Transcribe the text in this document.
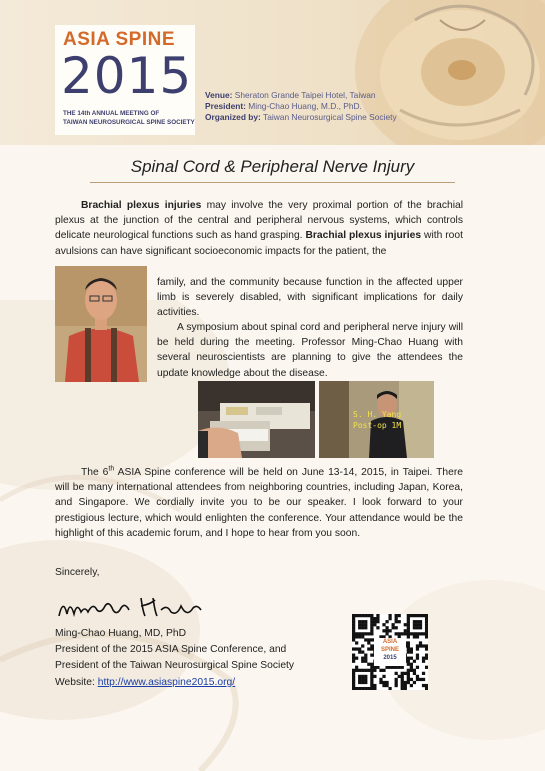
ASIA SPINE
2015
THE 14th ANNUAL MEETING OF
TAIWAN NEUROSURGICAL SPINE SOCIETY
Venue: Sheraton Grande Taipei Hotel, Taiwan
President: Ming-Chao Huang, M.D., PhD.
Organized by: Taiwan Neurosurgical Spine Society
Spinal Cord & Peripheral Nerve Injury
Brachial plexus injuries may involve the very proximal portion of the brachial plexus at the junction of the central and peripheral nervous systems, which controls delicate neurological functions such as hand grasping. Brachial plexus injuries with root avulsions can have significant socioeconomic impacts for the patient, the
family, and the community because function in the affected upper limb is severely disabled, with significant implications for daily activities.
A symposium about spinal cord and peripheral nerve injury will be held during the meeting. Professor Ming-Chao Huang with several neuroscientists are planning to give the attendees the update knowledge about the disease.
S. H. Yang
Post-op 1M
The 6th ASIA Spine conference will be held on June 13-14, 2015, in Taipei. There will be many international attendees from neighboring countries, including Japan, Korea, and Singapore. We cordially invite you to be our speaker. I look forward to your prestigious lecture, which would enlighten the conference. Your attendance would be the highlight of this academic forum, and I hope to hear from you soon.
Sincerely,
Ming-Chao Huang, MD, PhD
President of the 2015 ASIA Spine Conference, and
President of the Taiwan Neurosurgical Spine Society
Website: http://www.asiaspine2015.org/
ASIA
SPINE
2015
